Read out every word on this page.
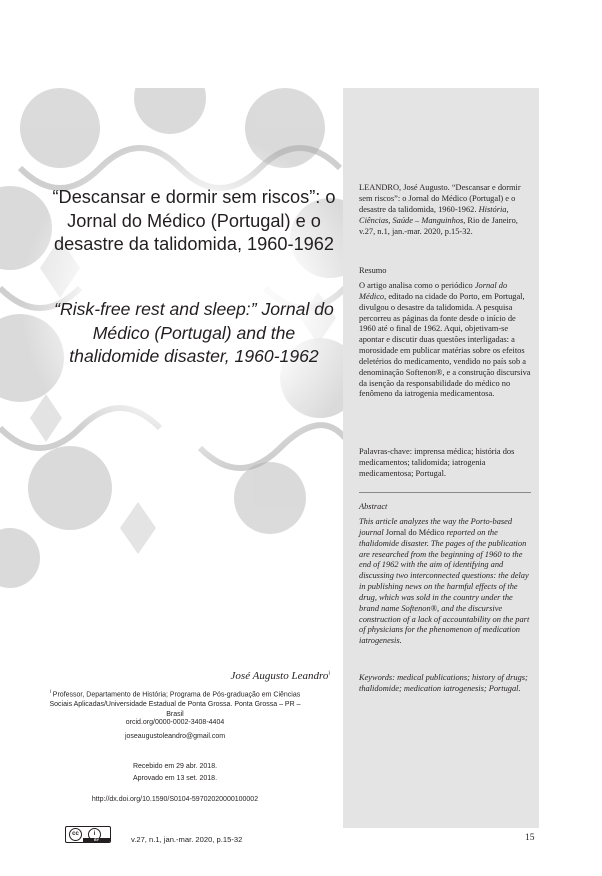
“Descansar e dormir sem riscos”: o Jornal do Médico (Portugal) e o desastre da talidomida, 1960-1962
“Risk-free rest and sleep:” Jornal do Médico (Portugal) and the thalidomide disaster, 1960-1962
LEANDRO, José Augusto. “Descansar e dormir sem riscos”: o Jornal do Médico (Portugal) e o desastre da talidomida, 1960-1962. História, Ciências, Saúde – Manguinhos, Rio de Janeiro, v.27, n.1, jan.-mar. 2020, p.15-32.
Resumo
O artigo analisa como o periódico Jornal do Médico, editado na cidade do Porto, em Portugal, divulgou o desastre da talidomida. A pesquisa percorreu as páginas da fonte desde o início de 1960 até o final de 1962. Aqui, objetivam-se apontar e discutir duas questões interligadas: a morosidade em publicar matérias sobre os efeitos deletérios do medicamento, vendido no país sob a denominação Softenon®, e a construção discursiva da isenção da responsabilidade do médico no fenômeno da iatrogenia medicamentosa.
Palavras-chave: imprensa médica; história dos medicamentos; talidomida; iatrogenia medicamentosa; Portugal.
Abstract
This article analyzes the way the Porto-based journal Jornal do Médico reported on the thalidomide disaster. The pages of the publication are researched from the beginning of 1960 to the end of 1962 with the aim of identifying and discussing two interconnected questions: the delay in publishing news on the harmful effects of the drug, which was sold in the country under the brand name Softenon®, and the discursive construction of a lack of accountability on the part of physicians for the phenomenon of medication iatrogenesis.
Keywords: medical publications; history of drugs; thalidomide; medication iatrogenesis; Portugal.
José Augusto Leandro$^i$
$^i$ Professor, Departamento de História; Programa de Pós-graduação em Ciências Sociais Aplicadas/Universidade Estadual de Ponta Grossa. Ponta Grossa – PR – Brasil
orcid.org/0000-0002-3408-4404
joseaugustoleandro@gmail.com
Recebido em 29 abr. 2018.
Aprovado em 13 set. 2018.
http://dx.doi.org/10.1590/S0104-59702020000100002
cc	i
BY	v.27, n.1, jan.-mar. 2020, p.15-32	15
